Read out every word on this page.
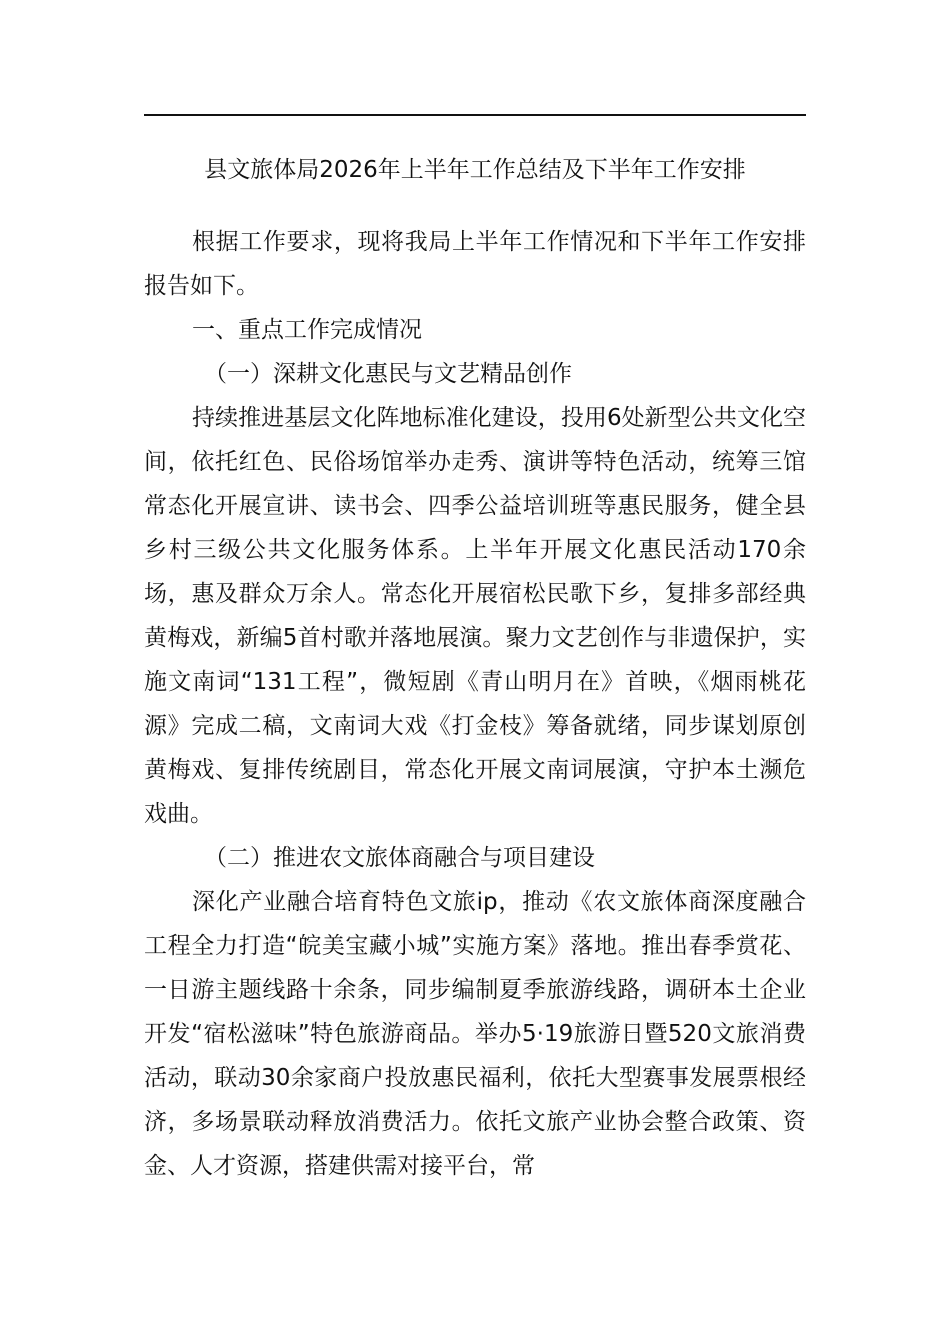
县文旅体局2026年上半年工作总结及下半年工作安排

根据工作要求，现将我局上半年工作情况和下半年工作安排报告如下。

一、重点工作完成情况

（一）深耕文化惠民与文艺精品创作

持续推进基层文化阵地标准化建设，投用6处新型公共文化空间，依托红色、民俗场馆举办走秀、演讲等特色活动，统筹三馆常态化开展宣讲、读书会、四季公益培训班等惠民服务，健全县乡村三级公共文化服务体系。上半年开展文化惠民活动170余场，惠及群众万余人。常态化开展宿松民歌下乡，复排多部经典黄梅戏，新编5首村歌并落地展演。聚力文艺创作与非遗保护，实施文南词“131工程”，微短剧《青山明月在》首映，《烟雨桃花源》完成二稿，文南词大戏《打金枝》筹备就绪，同步谋划原创黄梅戏、复排传统剧目，常态化开展文南词展演，守护本土濒危戏曲。

（二）推进农文旅体商融合与项目建设

深化产业融合培育特色文旅ip，推动《农文旅体商深度融合工程全力打造“皖美宝藏小城”实施方案》落地。推出春季赏花、一日游主题线路十余条，同步编制夏季旅游线路，调研本土企业开发“宿松滋味”特色旅游商品。举办5·19旅游日暨520文旅消费活动，联动30余家商户投放惠民福利，依托大型赛事发展票根经济，多场景联动释放消费活力。依托文旅产业协会整合政策、资金、人才资源，搭建供需对接平台，常
